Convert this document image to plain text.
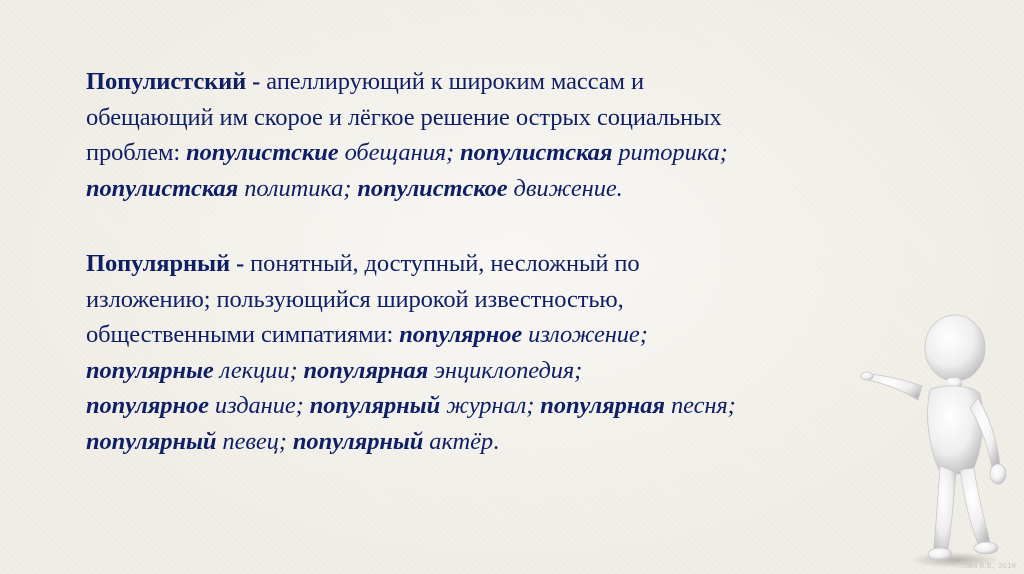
Популистский - апеллирующий к широким массам и

обещающий им скорое и лёгкое решение острых социальных

проблем: популистские обещания; популистская риторика;

популистская политика; популистское движение.

Популярный - понятный, доступный, несложный по

изложению; пользующийся широкой известностью,

общественными симпатиями: популярное изложение;

популярные лекции; популярная энциклопедия;

популярное издание; популярный журнал; популярная песня;

популярный певец; популярный актёр.

...ова В.В., 2018
